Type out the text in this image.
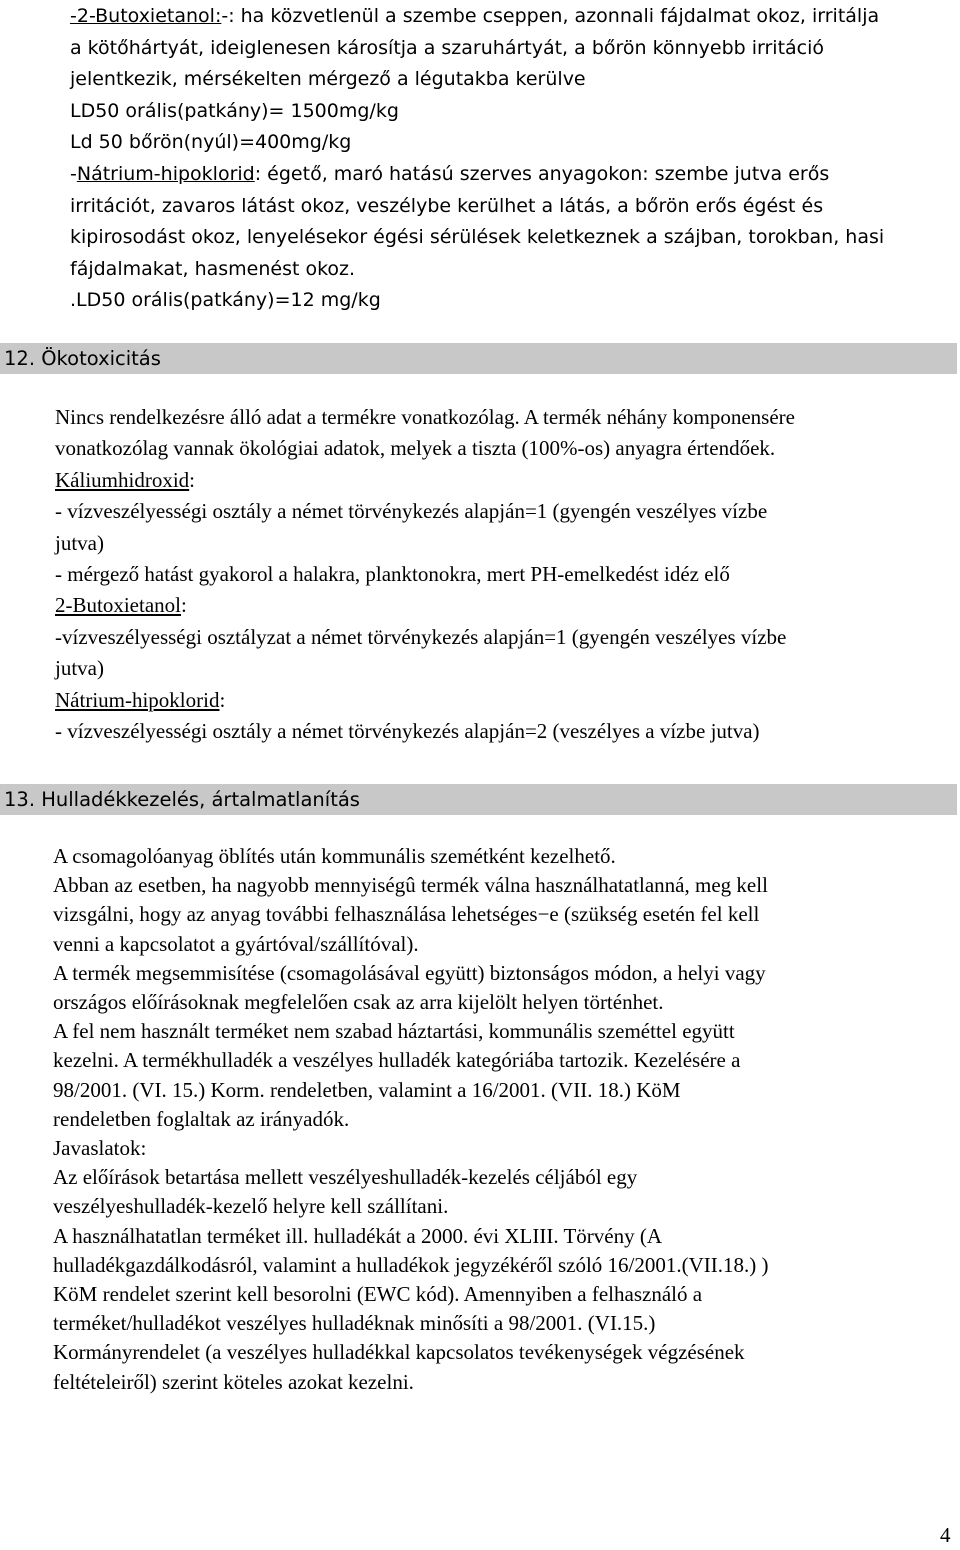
-2-Butoxietanol:-: ha közvetlenül a szembe cseppen, azonnali fájdalmat okoz, irritálja
a kötőhártyát, ideiglenesen károsítja a szaruhártyát, a bőrön könnyebb irritáció
jelentkezik, mérsékelten mérgező a légutakba kerülve
LD50 orális(patkány)= 1500mg/kg
Ld 50 bőrön(nyúl)=400mg/kg
-Nátrium-hipoklorid: égető, maró hatású szerves anyagokon: szembe jutva erős
irritációt, zavaros látást okoz, veszélybe kerülhet a látás, a bőrön erős égést és
kipirosodást okoz, lenyelésekor égési sérülések keletkeznek a szájban, torokban, hasi
fájdalmakat, hasmenést okoz.
.LD50 orális(patkány)=12 mg/kg
12. Ökotoxicitás
Nincs rendelkezésre álló adat a termékre vonatkozólag. A termék néhány komponensére
vonatkozólag vannak ökológiai adatok, melyek a tiszta (100%-os) anyagra értendőek.
Káliumhidroxid:
- vízveszélyességi osztály a német törvénykezés alapján=1 (gyengén veszélyes vízbe
jutva)
- mérgező hatást gyakorol a halakra, planktonokra, mert PH-emelkedést idéz elő
2-Butoxietanol:
-vízveszélyességi osztályzat a német törvénykezés alapján=1 (gyengén veszélyes vízbe
jutva)
Nátrium-hipoklorid:
- vízveszélyességi osztály a német törvénykezés alapján=2 (veszélyes a vízbe jutva)
13. Hulladékkezelés, ártalmatlanítás
A csomagolóanyag öblítés után kommunális szemétként kezelhető.
Abban az esetben, ha nagyobb mennyiségû termék válna használhatatlanná, meg kell
vizsgálni, hogy az anyag további felhasználása lehetséges−e (szükség esetén fel kell
venni a kapcsolatot a gyártóval/szállítóval).
A termék megsemmisítése (csomagolásával együtt) biztonságos módon, a helyi vagy
országos előírásoknak megfelelően csak az arra kijelölt helyen történhet.
A fel nem használt terméket nem szabad háztartási, kommunális szeméttel együtt
kezelni. A termékhulladék a veszélyes hulladék kategóriába tartozik. Kezelésére a
98/2001. (VI. 15.) Korm. rendeletben, valamint a 16/2001. (VII. 18.) KöM
rendeletben foglaltak az irányadók.
Javaslatok:
Az előírások betartása mellett veszélyeshulladék-kezelés céljából egy
veszélyeshulladék-kezelő helyre kell szállítani.
A használhatatlan terméket ill. hulladékát a 2000. évi XLIII. Törvény (A
hulladékgazdálkodásról, valamint a hulladékok jegyzékéről szóló 16/2001.(VII.18.) )
KöM rendelet szerint kell besorolni (EWC kód). Amennyiben a felhasználó a
terméket/hulladékot veszélyes hulladéknak minősíti a 98/2001. (VI.15.)
Kormányrendelet (a veszélyes hulladékkal kapcsolatos tevékenységek végzésének
feltételeiről) szerint köteles azokat kezelni.
4
